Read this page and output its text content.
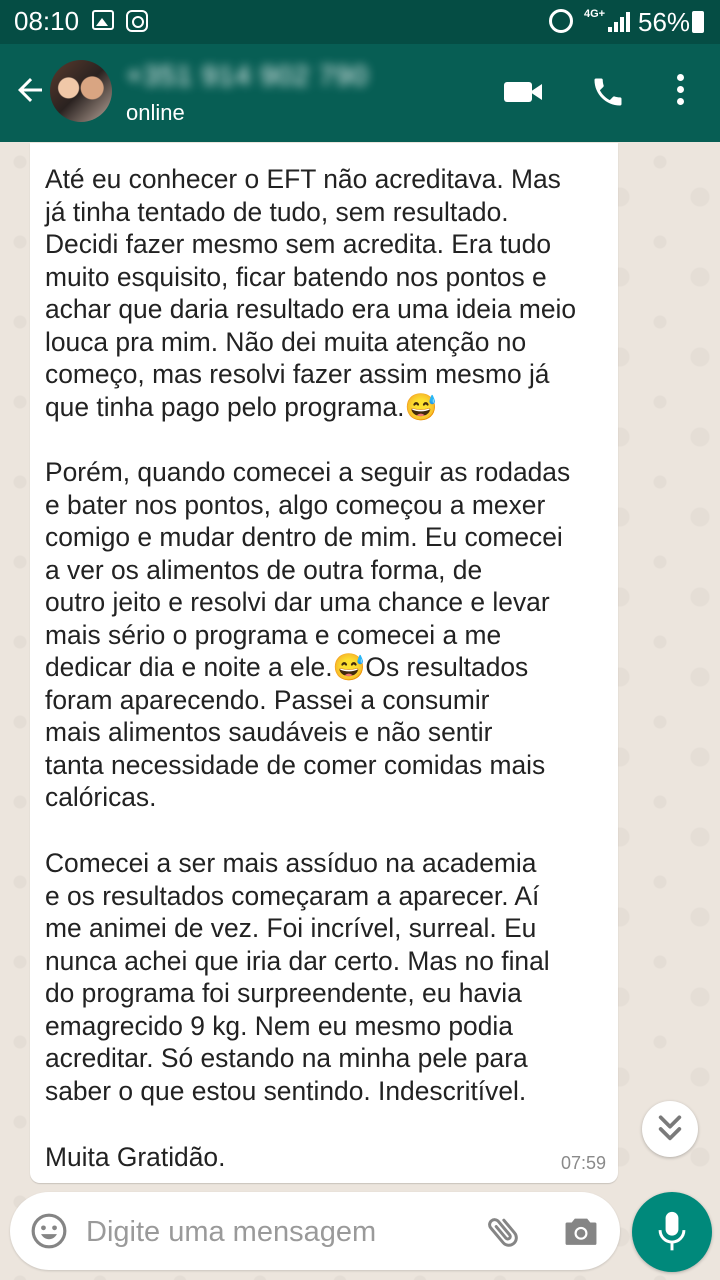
08:10	4G+ 56%
+351 914 902 790
online

Até eu conhecer o EFT não acreditava. Mas
já tinha tentado de tudo, sem resultado.
Decidi fazer mesmo sem acredita. Era tudo
muito esquisito, ficar batendo nos pontos e
achar que daria resultado era uma ideia meio
louca pra mim. Não dei muita atenção no
começo, mas resolvi fazer assim mesmo já
que tinha pago pelo programa.😅

Porém, quando comecei a seguir as rodadas
e bater nos pontos, algo começou a mexer
comigo e mudar dentro de mim. Eu comecei
a ver os alimentos de outra forma, de
outro jeito e resolvi dar uma chance e levar
mais sério o programa e comecei a me
dedicar dia e noite a ele.😅Os resultados
foram aparecendo. Passei a consumir
mais alimentos saudáveis e não sentir
tanta necessidade de comer comidas mais
calóricas.

Comecei a ser mais assíduo na academia
e os resultados começaram a aparecer. Aí
me animei de vez. Foi incrível, surreal. Eu
nunca achei que iria dar certo. Mas no final
do programa foi surpreendente, eu havia
emagrecido 9 kg. Nem eu mesmo podia
acreditar. Só estando na minha pele para
saber o que estou sentindo. Indescritível.

Muita Gratidão.	07:59
Digite uma mensagem
